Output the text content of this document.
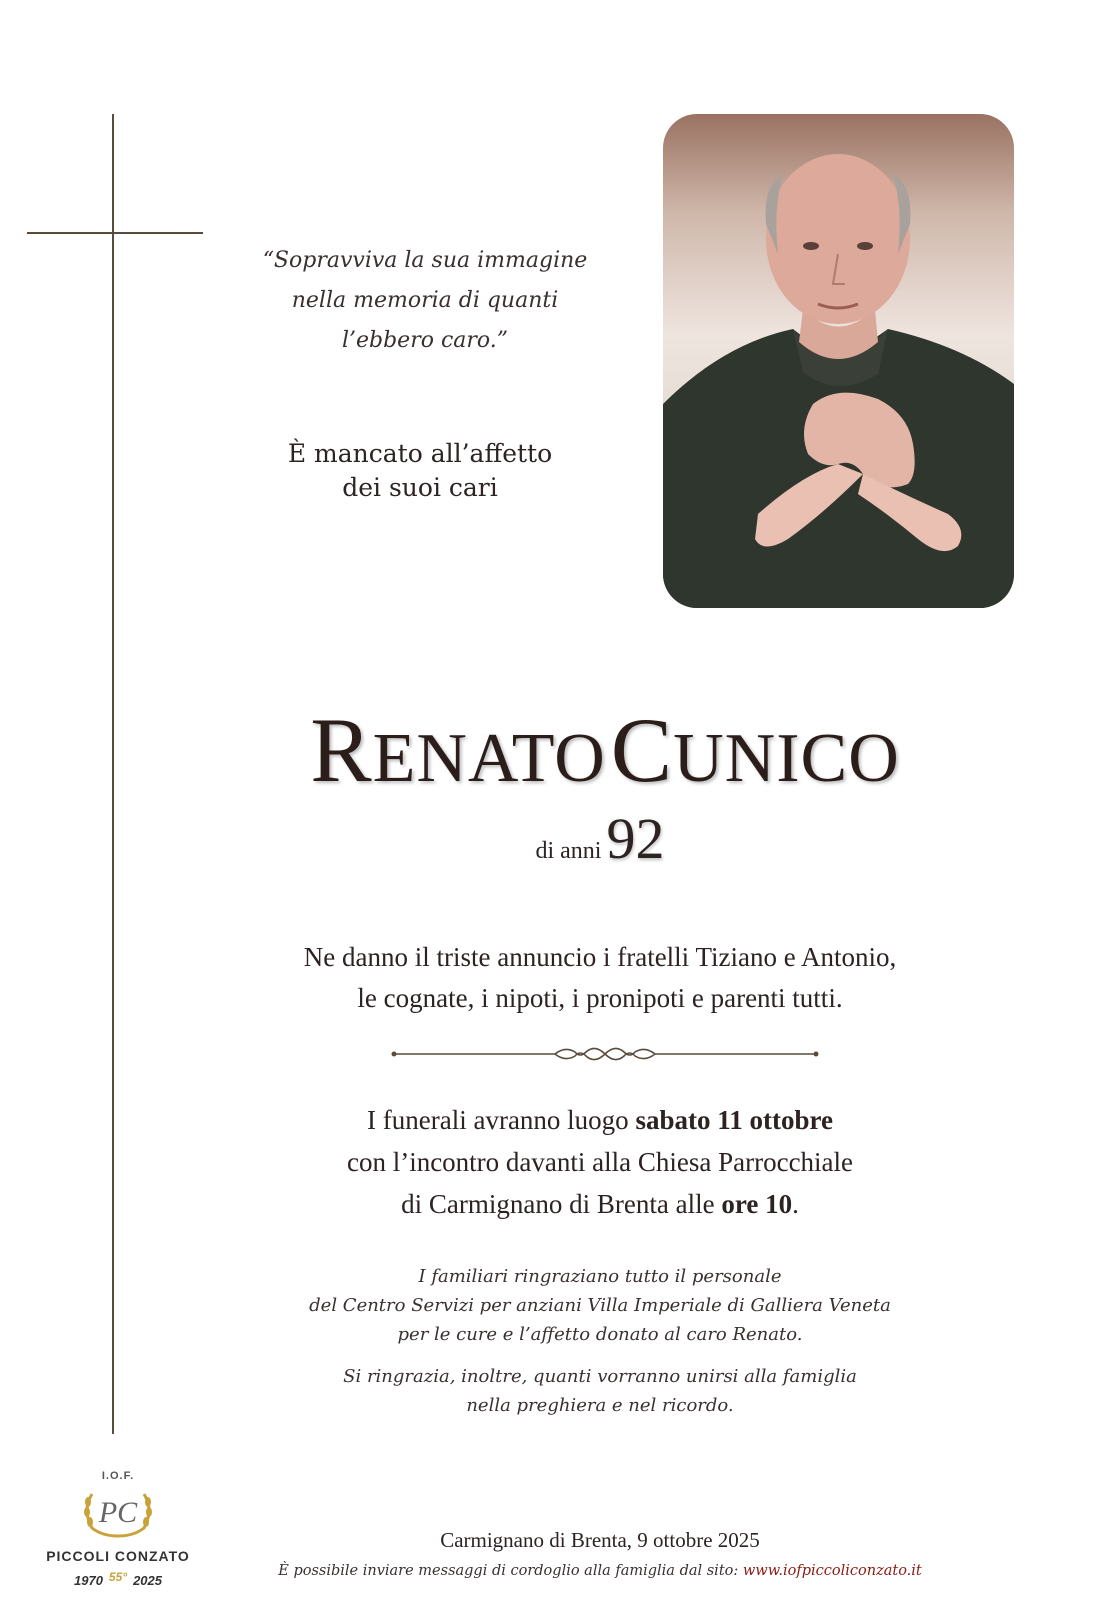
“Sopravviva la sua immagine
nella memoria di quanti
l’ebbero caro.”
È mancato all’affetto
dei suoi cari
RENATO CUNICO
di anni 92
Ne danno il triste annuncio i fratelli Tiziano e Antonio,
le cognate, i nipoti, i pronipoti e parenti tutti.
I funerali avranno luogo sabato 11 ottobre
con l’incontro davanti alla Chiesa Parrocchiale
di Carmignano di Brenta alle ore 10.
I familiari ringraziano tutto il personale
del Centro Servizi per anziani Villa Imperiale di Galliera Veneta
per le cure e l’affetto donato al caro Renato.
Si ringrazia, inoltre, quanti vorranno unirsi alla famiglia
nella preghiera e nel ricordo.
I.O.F.
PC
PICCOLI CONZATO
1970 55° 2025
Carmignano di Brenta, 9 ottobre 2025
È possibile inviare messaggi di cordoglio alla famiglia dal sito: www.iofpiccoliconzato.it
